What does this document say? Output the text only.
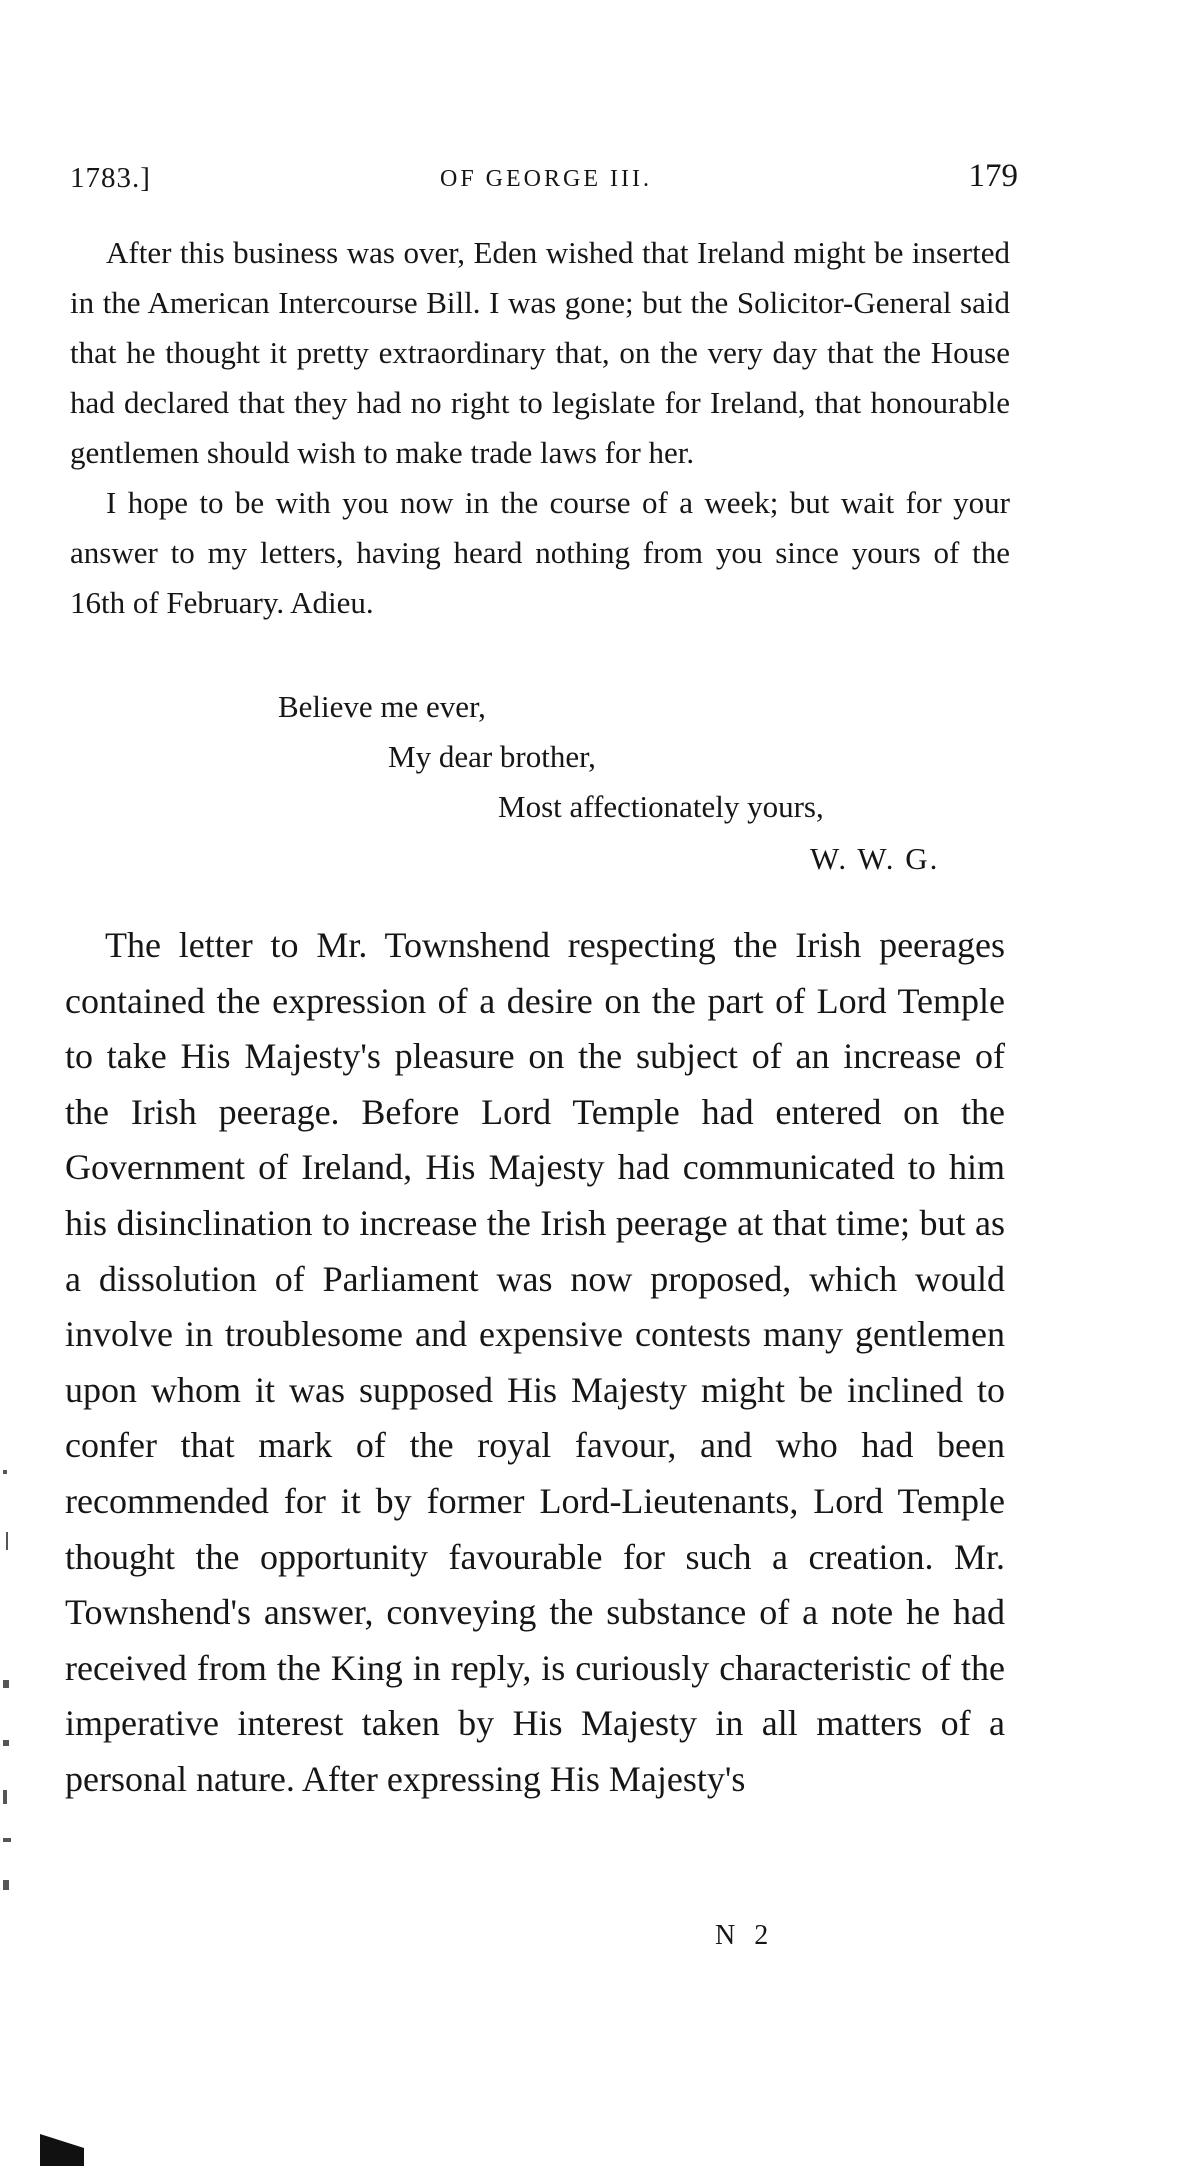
1783.]	OF GEORGE III.	179

After this business was over, Eden wished that Ireland might be inserted in the American Intercourse Bill. I was gone; but the Solicitor-General said that he thought it pretty extraordinary that, on the very day that the House had declared that they had no right to legislate for Ireland, that honourable gentlemen should wish to make trade laws for her.

I hope to be with you now in the course of a week; but wait for your answer to my letters, having heard nothing from you since yours of the 16th of February. Adieu.

Believe me ever,
My dear brother,
Most affectionately yours,
W. W. G.

The letter to Mr. Townshend respecting the Irish peerages contained the expression of a desire on the part of Lord Temple to take His Majesty's pleasure on the subject of an increase of the Irish peerage. Before Lord Temple had entered on the Government of Ireland, His Majesty had communicated to him his disinclination to increase the Irish peerage at that time; but as a dissolution of Parliament was now proposed, which would involve in troublesome and expensive contests many gentlemen upon whom it was supposed His Majesty might be inclined to confer that mark of the royal favour, and who had been recommended for it by former Lord-Lieutenants, Lord Temple thought the opportunity favourable for such a creation. Mr. Townshend's answer, conveying the substance of a note he had received from the King in reply, is curiously characteristic of the imperative interest taken by His Majesty in all matters of a personal nature. After expressing His Majesty's

N 2
